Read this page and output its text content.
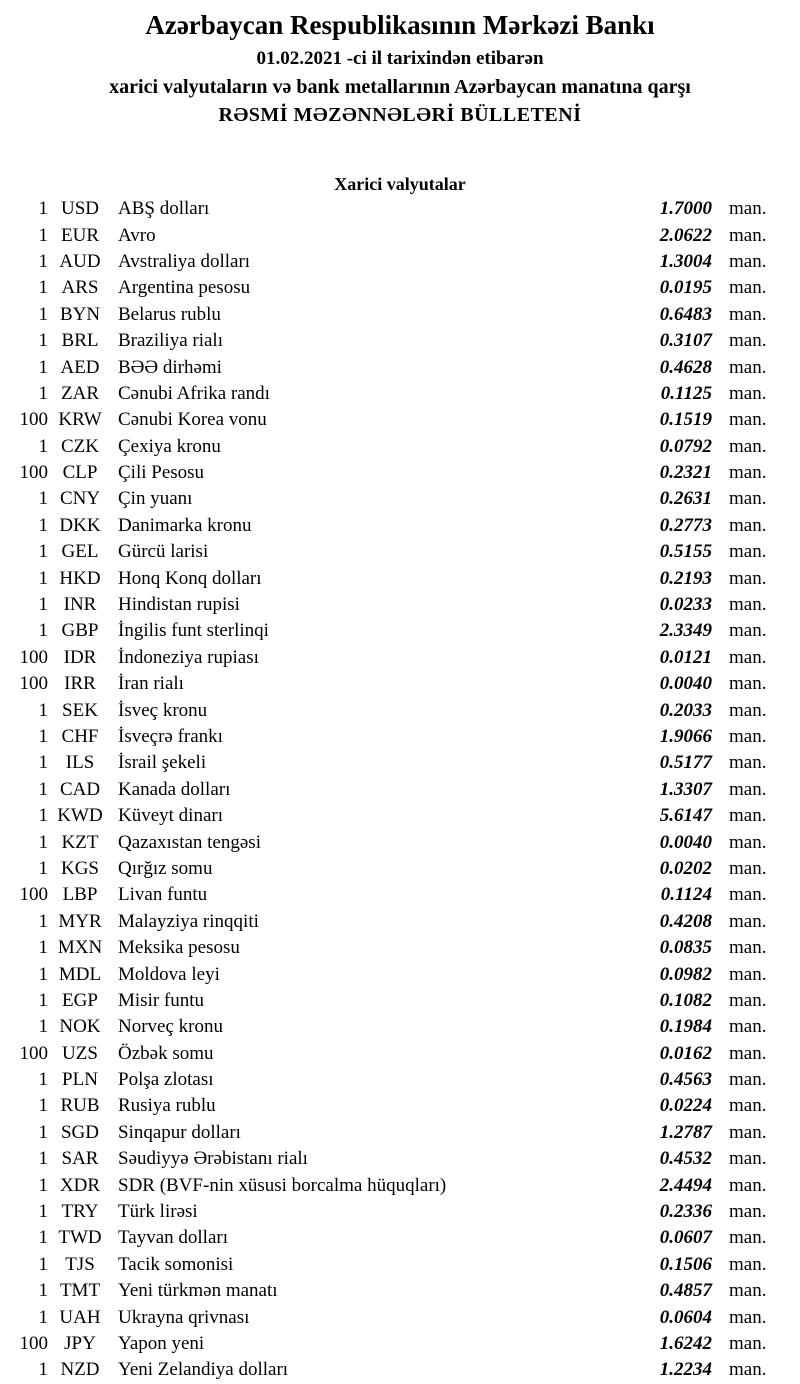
Azərbaycan Respublikasının Mərkəzi Bankı
01.02.2021 -ci il tarixindən etibarən
xarici valyutaların və bank metallarının Azərbaycan manatına qarşı
RƏSMİ MƏZƏNNƏLƏRİ BÜLLETENİ
Xarici valyutalar
1 USD	ABŞ dolları	1.7000 man.
1 EUR	Avro	2.0622 man.
1 AUD Avstraliya dolları	1.3004 man.
1 ARS	Argentina pesosu	0.0195 man.
1 BYN Belarus rublu	0.6483 man.
1 BRL	Braziliya rialı	0.3107 man.
1 AED BƏƏ dirhəmi	0.4628 man.
1 ZAR	Cənubi Afrika randı	0.1125 man.
100 KRW Cənubi Korea vonu	0.1519 man.
1 CZK	Çexiya kronu	0.0792 man.
100 CLP	Çili Pesosu	0.2321 man.
1 CNY Çin yuanı	0.2631 man.
1 DKK Danimarka kronu	0.2773 man.
1 GEL	Gürcü larisi	0.5155 man.
1 HKD Honq Konq dolları	0.2193 man.
1 INR	Hindistan rupisi	0.0233 man.
1 GBP	İngilis funt sterlinqi	2.3349 man.
100 IDR	İndoneziya rupiası	0.0121 man.
100 IRR	İran rialı	0.0040 man.
1 SEK	İsveç kronu	0.2033 man.
1 CHF	İsveçrə frankı	1.9066 man.
1 ILS	İsrail şekeli	0.5177 man.
1 CAD Kanada dolları	1.3307 man.
1 KWD Küveyt dinarı	5.6147 man.
1 KZT	Qazaxıstan tengəsi	0.0040 man.
1 KGS	Qırğız somu	0.0202 man.
100 LBP	Livan funtu	0.1124 man.
1 MYR Malayziya rinqqiti	0.4208 man.
1 MXN Meksika pesosu	0.0835 man.
1 MDL Moldova leyi	0.0982 man.
1 EGP	Misir funtu	0.1082 man.
1 NOK Norveç kronu	0.1984 man.
100 UZS	Özbək somu	0.0162 man.
1 PLN	Polşa zlotası	0.4563 man.
1 RUB Rusiya rublu	0.0224 man.
1 SGD	Sinqapur dolları	1.2787 man.
1 SAR	Səudiyyə Ərəbistanı rialı	0.4532 man.
1 XDR SDR (BVF-nin xüsusi borcalma hüquqları)	2.4494 man.
1 TRY	Türk lirəsi	0.2336 man.
1 TWD Tayvan dolları	0.0607 man.
1 TJS	Tacik somonisi	0.1506 man.
1 TMT Yeni türkmən manatı	0.4857 man.
1 UAH Ukrayna qrivnası	0.0604 man.
100 JPY	Yapon yeni	1.6242 man.
1 NZD Yeni Zelandiya dolları	1.2234 man.
